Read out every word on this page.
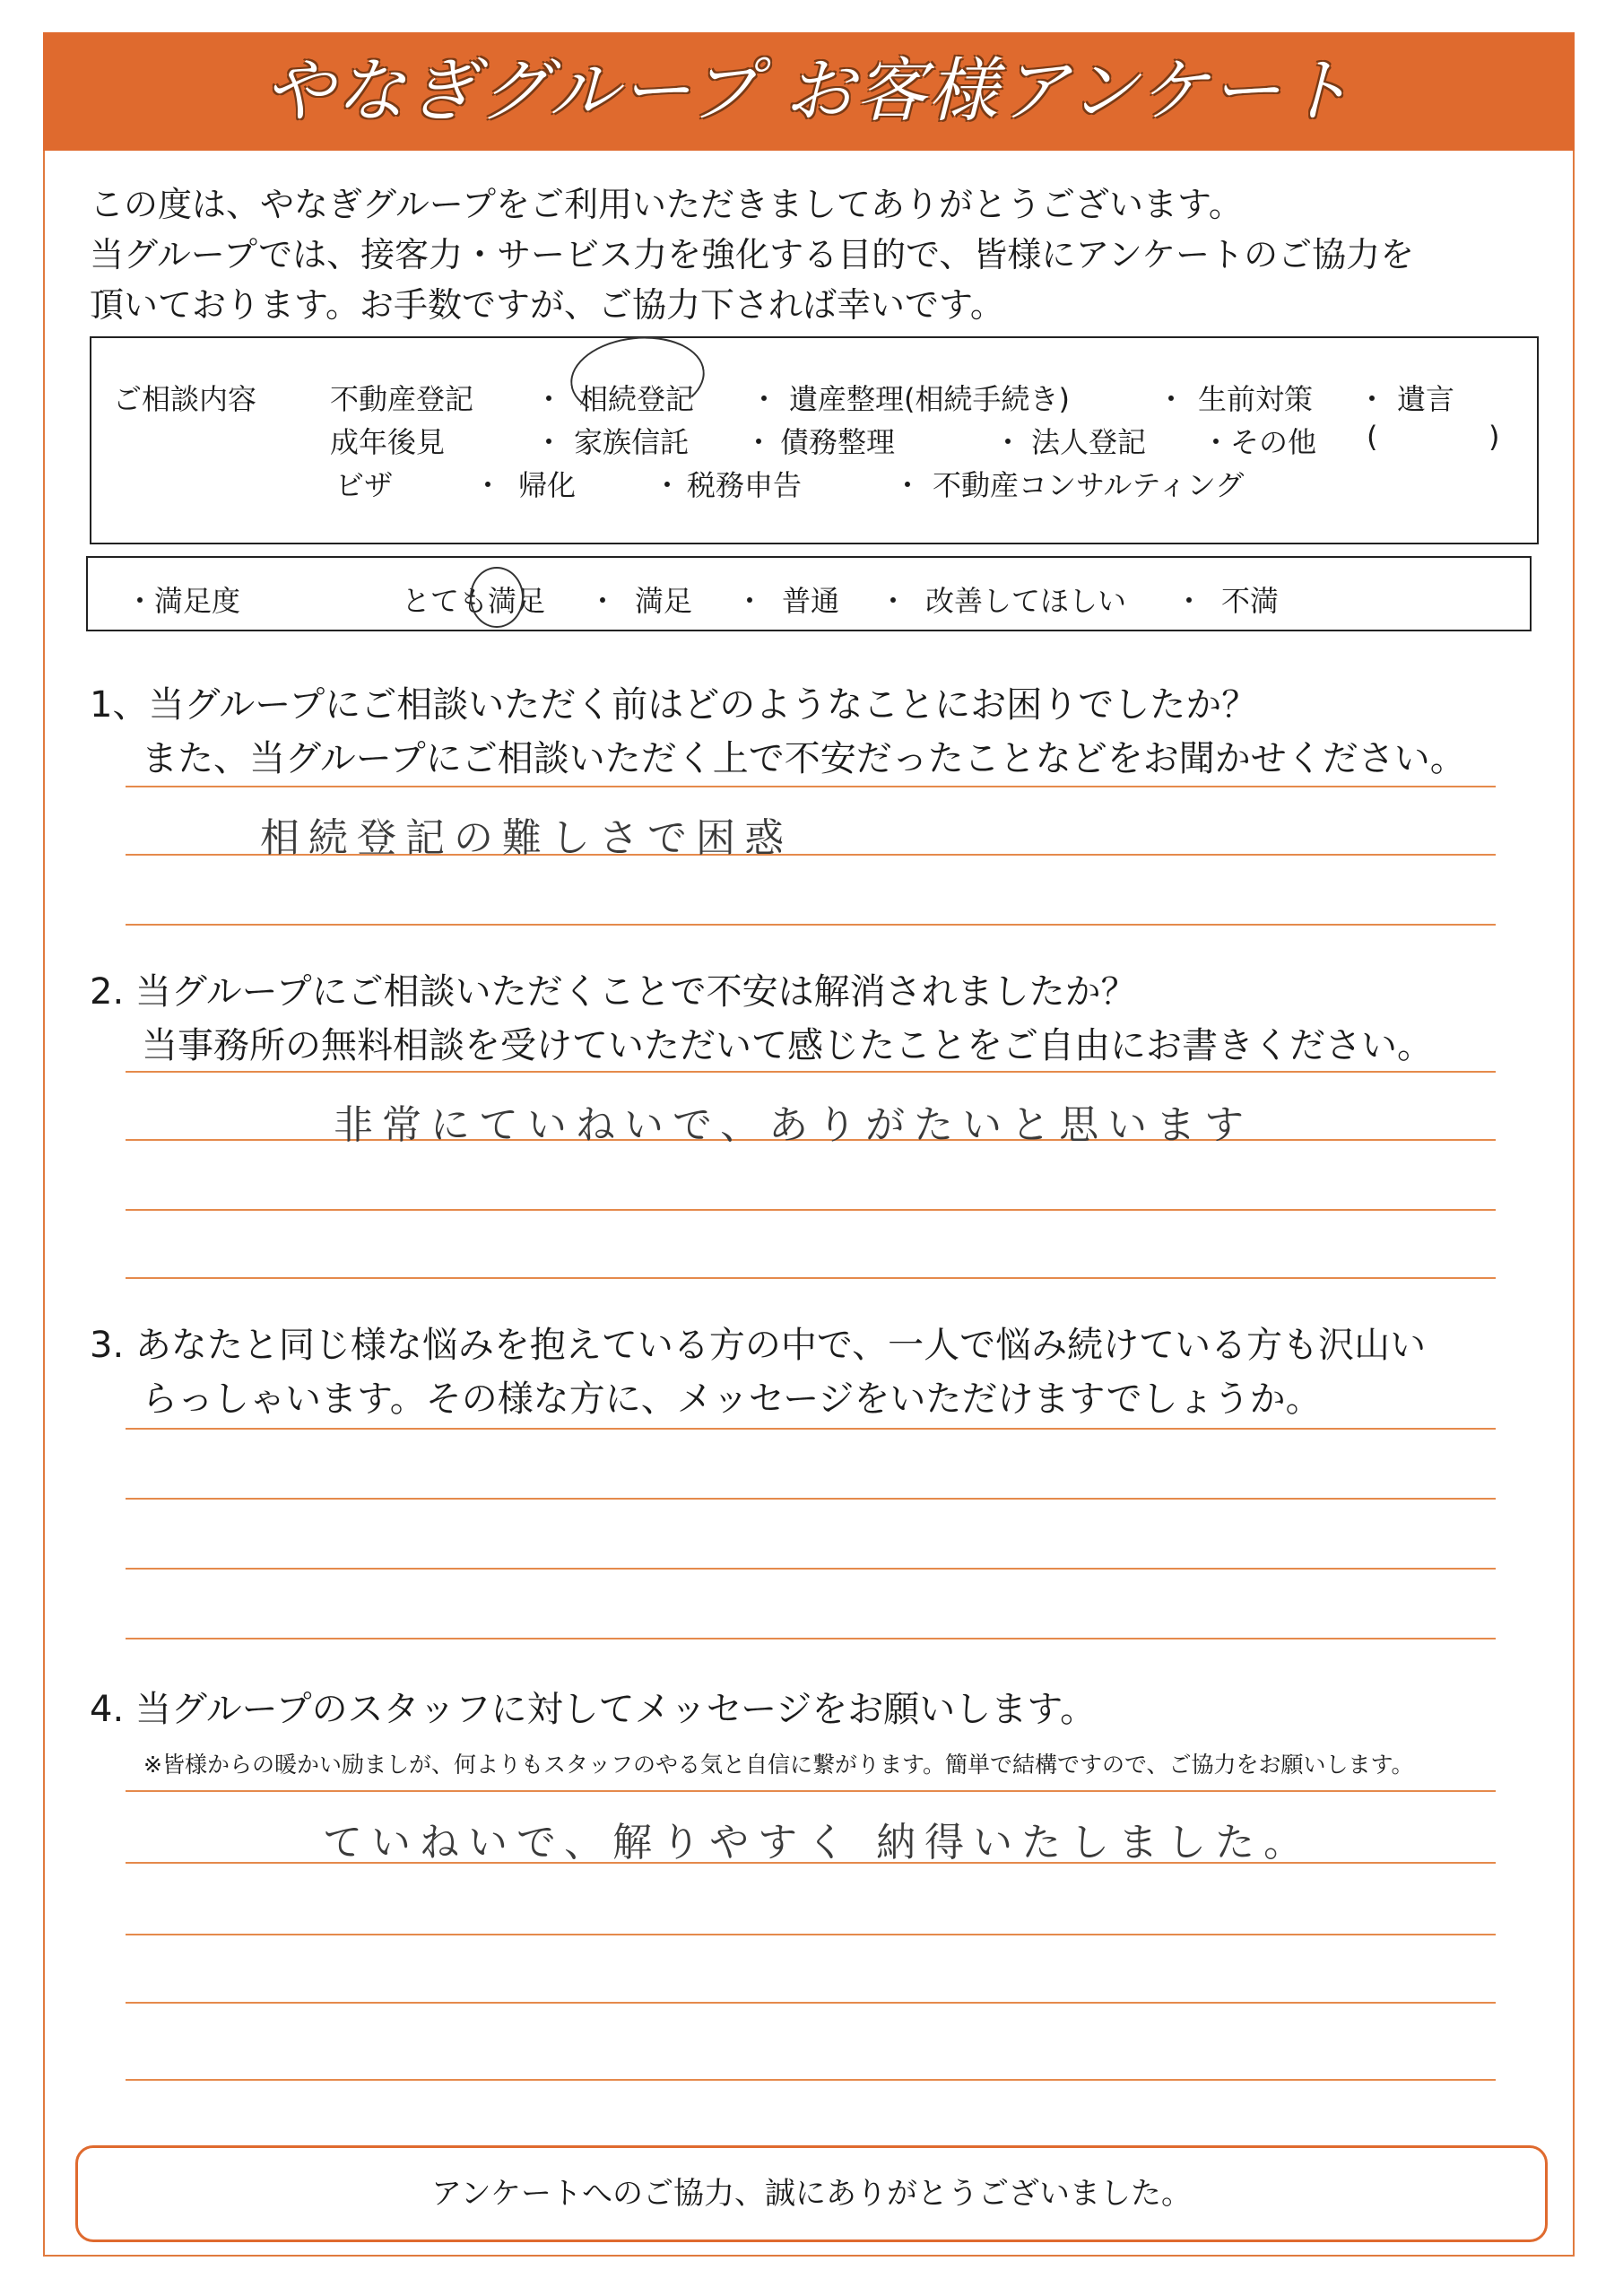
やなぎグループ お客様アンケート

この度は、やなぎグループをご利用いただきましてありがとうございます。

当グループでは、接客力・サービス力を強化する目的で、皆様にアンケートのご協力を

頂いております。お手数ですが、ご協力下されば幸いです。

ご相談内容	不動産登記 ・ 相続登記 ・ 遺産整理(相続手続き)	・ 生前対策 ・ 遺言
成年後見	・ 家族信託 ・ 債務整理	・ 法人登記 ・その他 (	)
ビザ	・ 帰化	・ 税務申告	・ 不動産コンサルティング
・満足度	とても満足 ・ 満足 ・ 普通 ・ 改善してほしい ・ 不満

1、当グループにご相談いただく前はどのようなことにお困りでしたか？

また、当グループにご相談いただく上で不安だったことなどをお聞かせください。

相続登記の難しさで困惑

2. 当グループにご相談いただくことで不安は解消されましたか？

当事務所の無料相談を受けていただいて感じたことをご自由にお書きください。

非常にていねいで、ありがたいと思います

3. あなたと同じ様な悩みを抱えている方の中で、一人で悩み続けている方も沢山い

らっしゃいます。その様な方に、メッセージをいただけますでしょうか。

4. 当グループのスタッフに対してメッセージをお願いします。

※皆様からの暖かい励ましが、何よりもスタッフのやる気と自信に繋がります。簡単で結構ですので、ご協力をお願いします。
ていねいで、解りやすく 納得いたしました。
アンケートへのご協力、誠にありがとうございました。
